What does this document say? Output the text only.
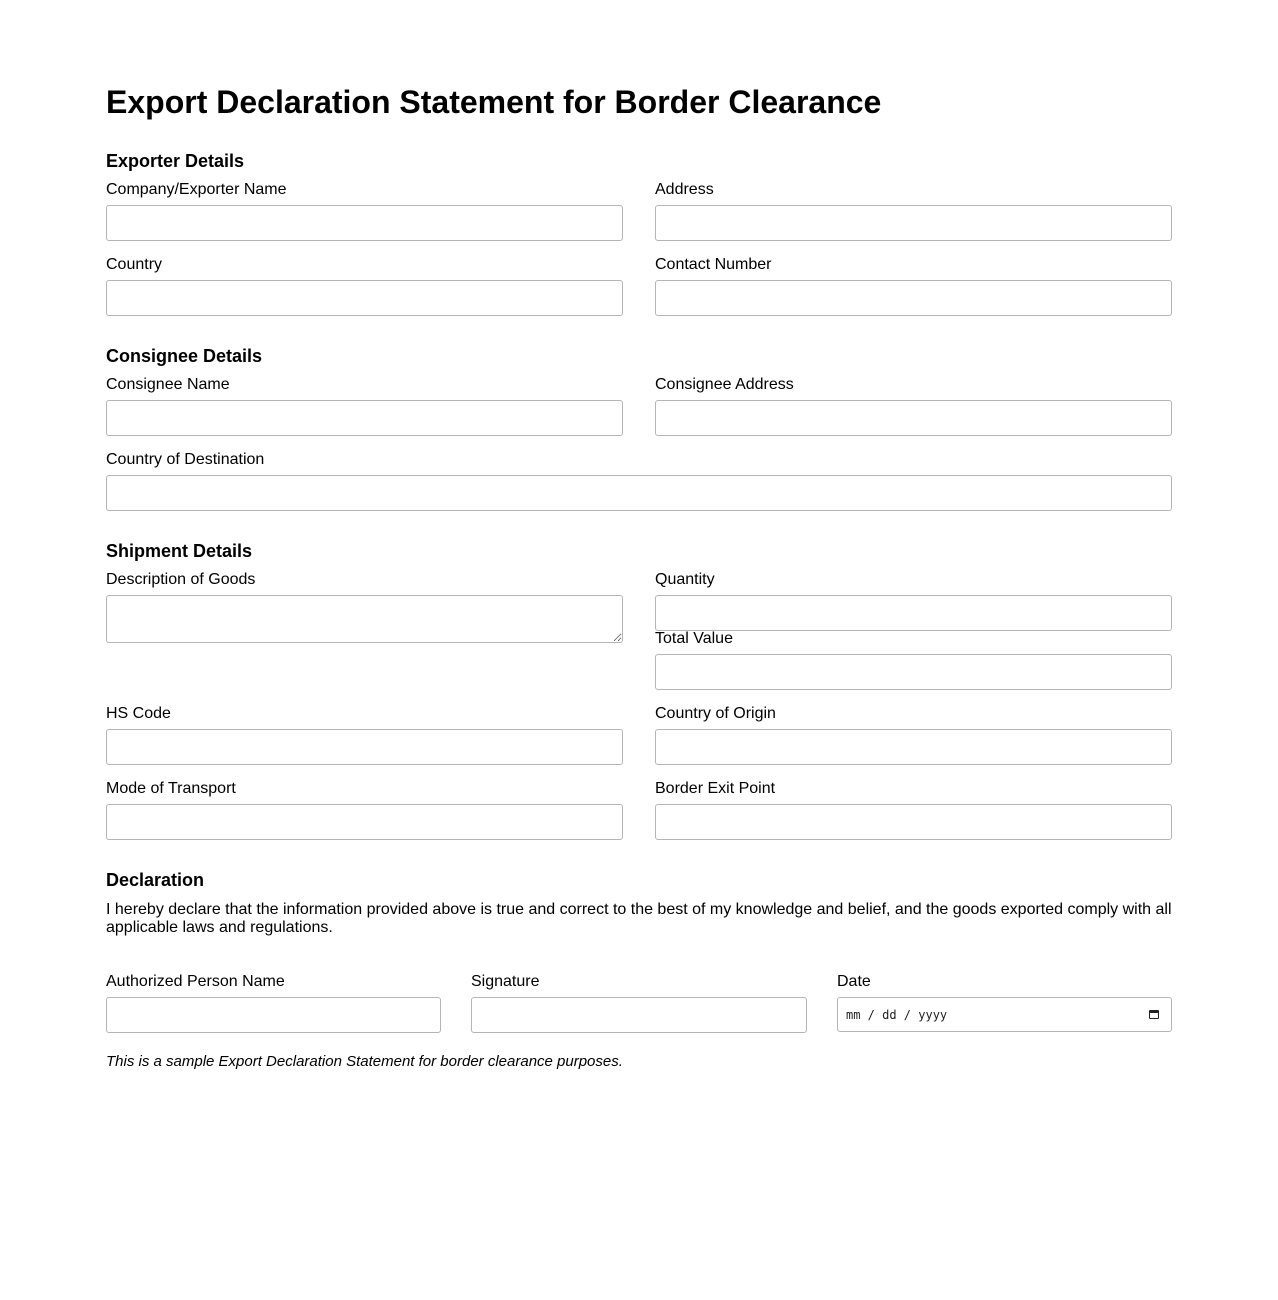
Export Declaration Statement for Border Clearance
Exporter Details
Company/Exporter Name	Address
Country	Contact Number
Consignee Details
Consignee Name	Consignee Address
Country of Destination
Shipment Details
Description of Goods	Quantity
Total Value
HS Code	Country of Origin
Mode of Transport	Border Exit Point
Declaration

I hereby declare that the information provided above is true and correct to the best of my knowledge and belief, and the goods exported comply with all applicable laws and regulations.

Authorized Person Name	Signature	Date
mm / dd / yyyy

This is a sample Export Declaration Statement for border clearance purposes.
